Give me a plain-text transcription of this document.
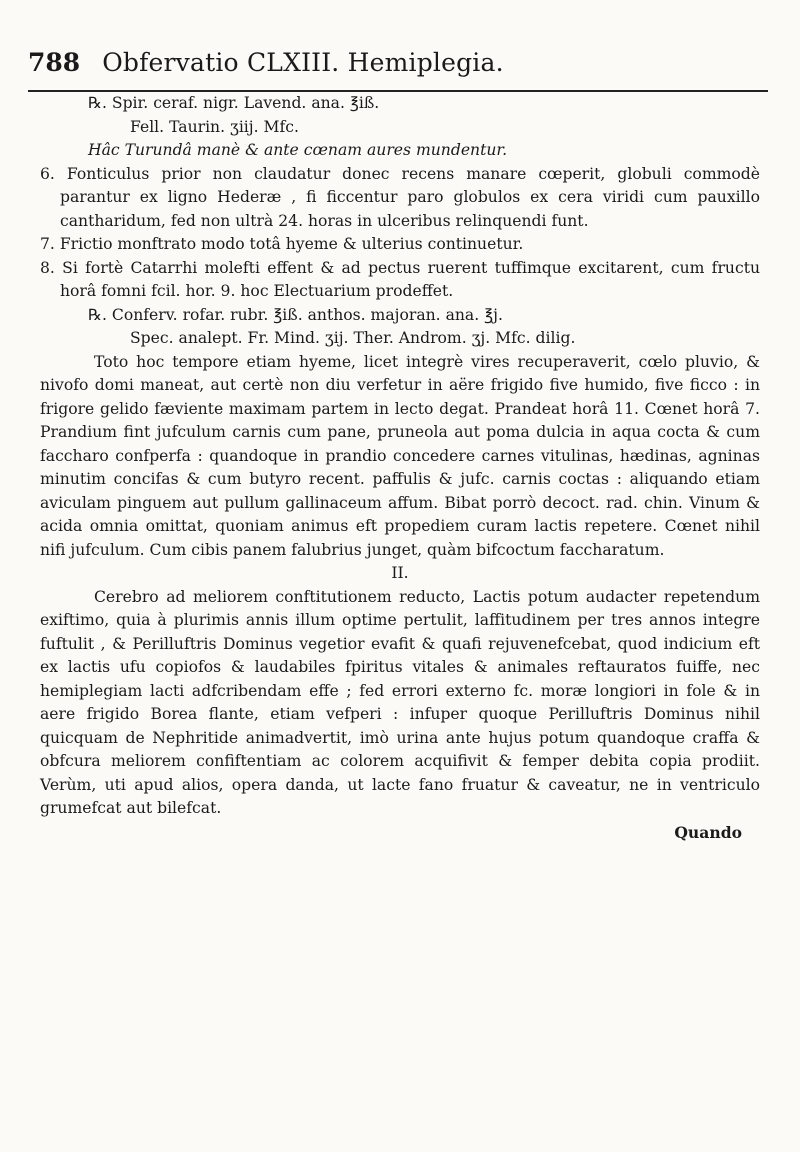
788 Obfervatio CLXIII. Hemiplegia.

℞. Spir. ceraf. nigr. Lavend. ana. ℥iß.

Fell. Taurin. ʒiij. Mfc.

Hâc Turundâ manè & ante cœnam aures mundentur.

6. Fonticulus prior non claudatur donec recens manare cœperit, globuli commodè parantur ex ligno Hederæ , fi ficcentur paro globulos ex cera viridi cum pauxillo cantharidum, fed non ultrà 24. horas in ulceribus relinquendi funt.

7. Frictio monftrato modo totâ hyeme & ulterius continuetur.

8. Si fortè Catarrhi molefti effent & ad pectus ruerent tuffimque excitarent, cum fructu horâ fomni fcil. hor. 9. hoc Electuarium prodeffet.

℞. Conferv. rofar. rubr. ℥iß. anthos. majoran. ana. ℥j.

Spec. analept. Fr. Mind. ʒij. Ther. Androm. ʒj. Mfc. dilig.

Toto hoc tempore etiam hyeme, licet integrè vires recuperaverit, cœlo pluvio, & nivofo domi maneat, aut certè non diu verfetur in aëre frigido five humido, five ficco : in frigore gelido fæviente maximam partem in lecto degat. Prandeat horâ 11. Cœnet horâ 7. Prandium fint jufculum carnis cum pane, pruneola aut poma dulcia in aqua cocta & cum faccharo confperfa : quandoque in prandio concedere carnes vitulinas, hædinas, agninas minutim concifas & cum butyro recent. paffulis & jufc. carnis coctas : aliquando etiam aviculam pinguem aut pullum gallinaceum affum. Bibat porrò decoct. rad. chin. Vinum & acida omnia omittat, quoniam animus eft propediem curam lactis repetere. Cœnet nihil nifi jufculum. Cum cibis panem falubrius junget, quàm bifcoctum faccharatum.

II.

Cerebro ad meliorem conftitutionem reducto, Lactis potum audacter repetendum exiftimo, quia à plurimis annis illum optime pertulit, laffitudinem per tres annos integre fuftulit , & Perilluftris Dominus vegetior evafit & quafi rejuvenefcebat, quod indicium eft ex lactis ufu copiofos & laudabiles fpiritus vitales & animales reftauratos fuiffe, nec hemiplegiam lacti adfcribendam effe ; fed errori externo fc. moræ longiori in fole & in aere frigido Borea flante, etiam vefperi : infuper quoque Perilluftris Dominus nihil quicquam de Nephritide animadvertit, imò urina ante hujus potum quandoque craffa & obfcura meliorem confiftentiam ac colorem acquifivit & femper debita copia prodiit. Verùm, uti apud alios, opera danda, ut lacte fano fruatur & caveatur, ne in ventriculo grumefcat aut bilefcat.

Quando
